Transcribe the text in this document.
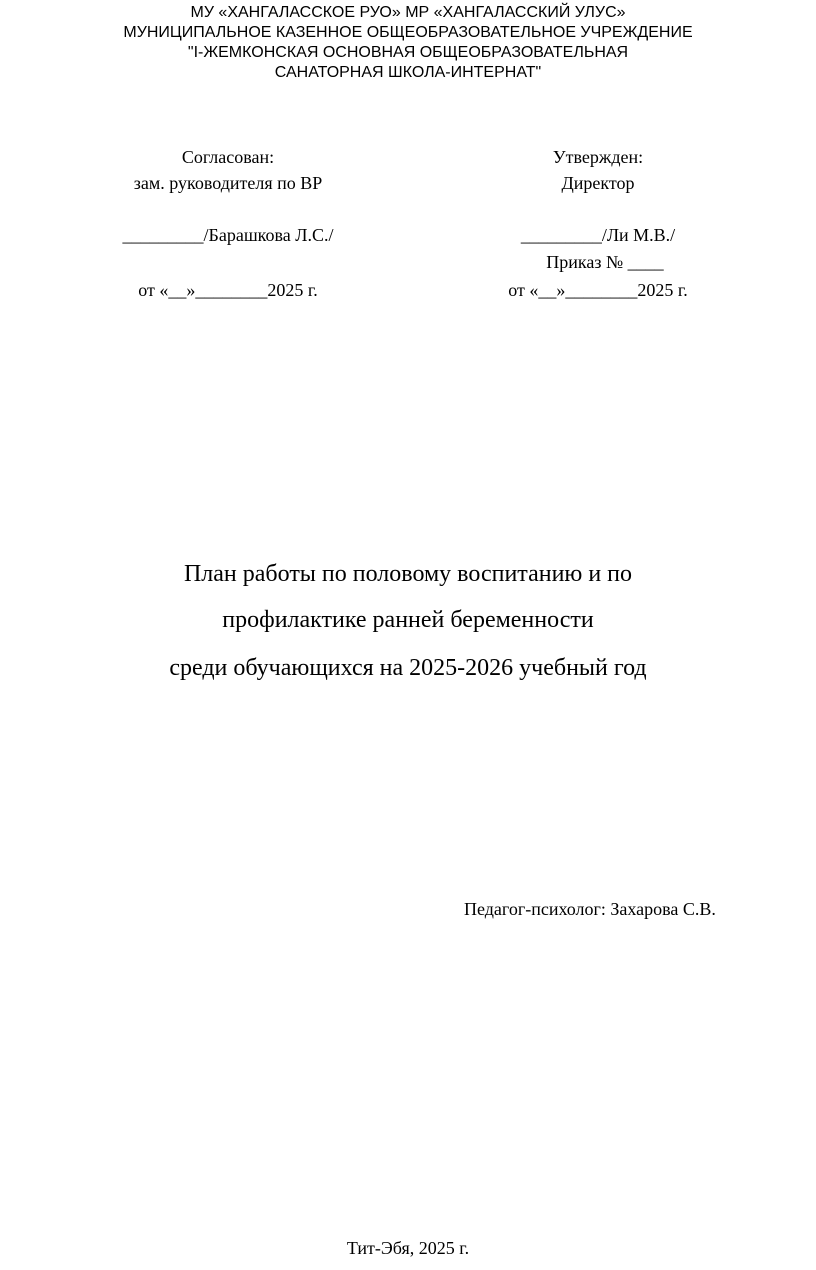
МУ «ХАНГАЛАССКОЕ РУО» МР «ХАНГАЛАССКИЙ УЛУС»
МУНИЦИПАЛЬНОЕ КАЗЕННОЕ ОБЩЕОБРАЗОВАТЕЛЬНОЕ УЧРЕЖДЕНИЕ
"I-ЖЕМКОНСКАЯ ОСНОВНАЯ ОБЩЕОБРАЗОВАТЕЛЬНАЯ
САНАТОРНАЯ ШКОЛА-ИНТЕРНАТ"
Согласован:
зам. руководителя по ВР
_________/Барашкова Л.С./
от «__»________2025 г.
Утвержден:
Директор
_________/Ли М.В./
Приказ № ____
от «__»________2025 г.
План работы по половому воспитанию и по
профилактике ранней беременности
среди обучающихся на 2025-2026 учебный год
Педагог-психолог: Захарова С.В.
Тит-Эбя, 2025 г.
